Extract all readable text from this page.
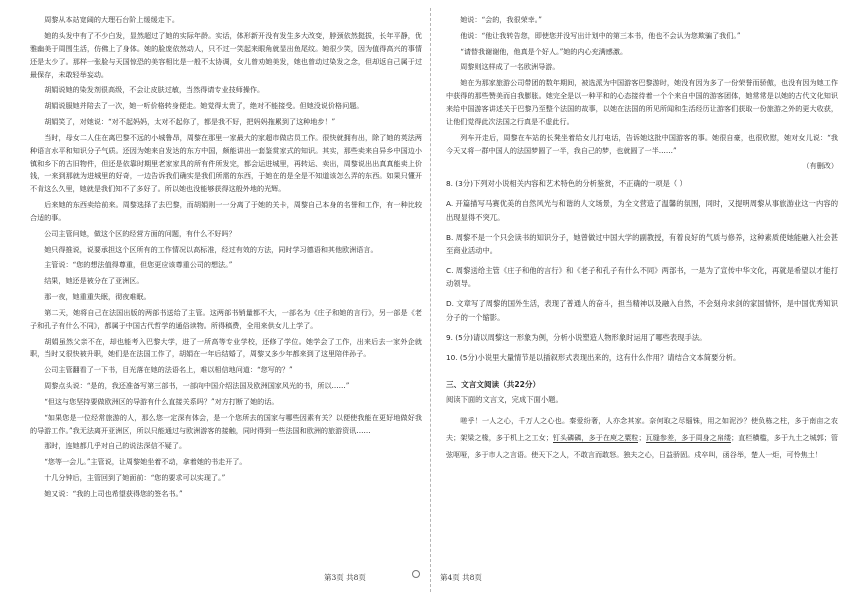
周黎从本站宽阔的大理石台阶上缓缓走下。

她的头发中有了不少白发，显然超过了她的实际年龄。实话，体形新开没有发生多大改变，脖颈依然挺拔，长年平静，优雅幽美于周围生活，仿佛上了身体。她的脸庞依然动人，只不过一笑起来眼角就显出鱼尾纹。她很少笑，因为值得高兴的事情还是太少了。那样一张脸与天国惊恐的美容相比是一般不太协调，女儿曾劝她美发，她也曾动过染发之念，但却返自己属于过最保存，未敢轻举妄动。

胡娟说她的染发剂很高级，不会让皮肤过敏，当然得请专业技师操作。

胡娟说服她并陪去了一次，她一听价格转身便走。她觉得太贵了，绝对不能接受。但她没说价格问题。

胡娟笑了，对她说：“对不起妈妈，太对不起你了，都是我不好，把妈妈拖累到了这种地步！”

当时，母女二人住在离巴黎不远的小城鲁昂，周黎在那里一家最大的家超市做店员工作。很快就拥有出，除了她的英法两种语言水平和知识分子气质。还因为她来自发达的东方中国，颇能讲出一套鉴赏家式的知识。其实，那些卖来自异乡中国边小镇和乡下的古旧物件，但还是依靠时期里老家家具的所有件所发完，都会运进城里，再转运、卖出，周黎说出出真真能卖上价钱，一来到那就为进城里的好奇，一边告诉我们确实是我们所需的东西，于她在的是全是不知道该怎么弄的东西。如果只懂开不肯这么久里，她就是我们知不了多好了。所以她也没能够获得这般外地的光辉。

后来她的东西卖给前来。周黎选择了去巴黎，而胡娟则一一分离了于她的关卡，周黎自己本身的名誉和工作，有一种比较合适的事。

公司主管问她，做这个区的经营方面的问题，有什么不好吗？

她只得推说，说要承担这个区所有的工作情况以高标准，经过有效的方法，同时学习德语和其他欧洲语言。

主管说：“您的想法值得尊重，但您更应该尊重公司的想法。”

结果，她还是被分在了亚洲区。

那一夜，她重重失眠，彻夜难眠。

第二天，她将自己在法国出版的两部书送给了主管。这两部书销量都不大，一部名为《庄子和她的言行》，另一部是《老子和孔子有什么不同》，都属于中国古代哲学的通俗读物。所得稿费，全用来供女儿上学了。

胡娟虽然父亲不在，却也能考入巴黎大学，进了一所高等专业学校，还修了学位。她学会了工作，出来后去一家外企就职，当时又很快被升职，她们是在法国工作了，胡娟在一年后结婚了，周黎又多少年都来到了这里陪伴孙子。

公司主管翻看了一下书，目光落在她的法语名上，难以相信地问道：“您写的？”

周黎点头说：“是的，我还准备写第三部书，一部向中国介绍法国及欧洲国家风光的书，所以……”

“但这与您坚持要做欧洲区的导游有什么直接关系吗？”对方打断了她的话。

“如果您是一位经常旅游的人，那么您一定深有体会，是一个您所去的国家与哪些因素有关？以便使我能在更好地做好我的导游工作。”我无法离开亚洲区，所以只能通过与欧洲游客的接触，同时得到一些法国和欧洲的旅游资讯……

那时，连她都几乎对自己的说法深信不疑了。

“您等一会儿。”主管说，让周黎她坐着不动，拿着她的书走开了。

十几分钟后，主管回到了她面前：“您的要求可以实现了。”

她又说：“我的上司也希望获得您的签名书。”

她说：“会的，我很荣幸。”

他说：“他让我转告您，即使您并没写出计划中的第三本书，他也不会认为您欺骗了我们。”

“请替我谢谢他，他真是个好人。”她的内心充满感激。

周黎则这样成了一名欧洲导游。

她在为那家旅游公司带团的数年期间，被选派为中国游客巴黎游时，她没有因为多了一份荣誉而骄傲，也没有因为她工作中获得的那些赞美而自我膨胀。她完全是以一种平和的心态接待着一个个来自中国的游客团体，她常常是以她的古代文化知识来给中国游客讲述关于巴黎乃至整个法国的故事，以她在法国的所见所闻和生活经历让游客们获取一份旅游之外的更大收获，让他们觉得此次法国之行真是不虚此行。

列车开走后，周黎在车站的长凳坐着给女儿打电话，告诉她这批中国游客的事。她很自豪，也很欣慰，她对女儿说：“我今天又将一群中国人的法国梦圆了一半，我自己的梦，也就圆了一半……”

（有删改）

8. (3分)下列对小说相关内容和艺术特色的分析鉴赏，不正确的一项是（ ）

A. 开篇描写马赛优美的自然风光与和谐的人文场景，为全文营造了温馨的氛围，同时，又提明周黎从事旅游业这一内容的出现显得不突兀。

B. 周黎不是一个只会读书的知识分子，她曾做过中国大学的副教授，有着良好的气质与修养，这种素质使她能融入社会甚至商业活动中。

C. 周黎送给主管《庄子和他的言行》和《老子和孔子有什么不同》两部书，一是为了宣传中华文化，再就是希望以才能打动领导。

D. 文章写了周黎的国外生活，表现了普通人的奋斗，担当精神以及融入自然，不会刻舟求剑的家国情怀，是中国优秀知识分子的一个缩影。

9. (5分)请以周黎这一形象为例，分析小说塑造人物形象时运用了哪些表现手法。

10. (5分)小说里大量情节是以插叙形式表现出来的，这有什么作用？请结合文本简要分析。

三、文言文阅读（共22分）

阅读下面的文言文，完成下面小题。

嗟乎！一人之心，千万人之心也。秦爱纷奢，人亦念其家。奈何取之尽锱铢，用之如泥沙？使负栋之柱，多于南亩之农夫；架梁之椽，多于机上之工女；钉头磷磷，多于在庾之粟粒；瓦缝参差，多于周身之帛缕；直栏横槛，多于九土之城郭；管弦呕哑，多于市人之言语。使天下之人，不敢言而敢怒。独夫之心，日益骄固。戍卒叫，函谷举，楚人一炬，可怜焦土！

第3页 共8页	第4页 共8页
